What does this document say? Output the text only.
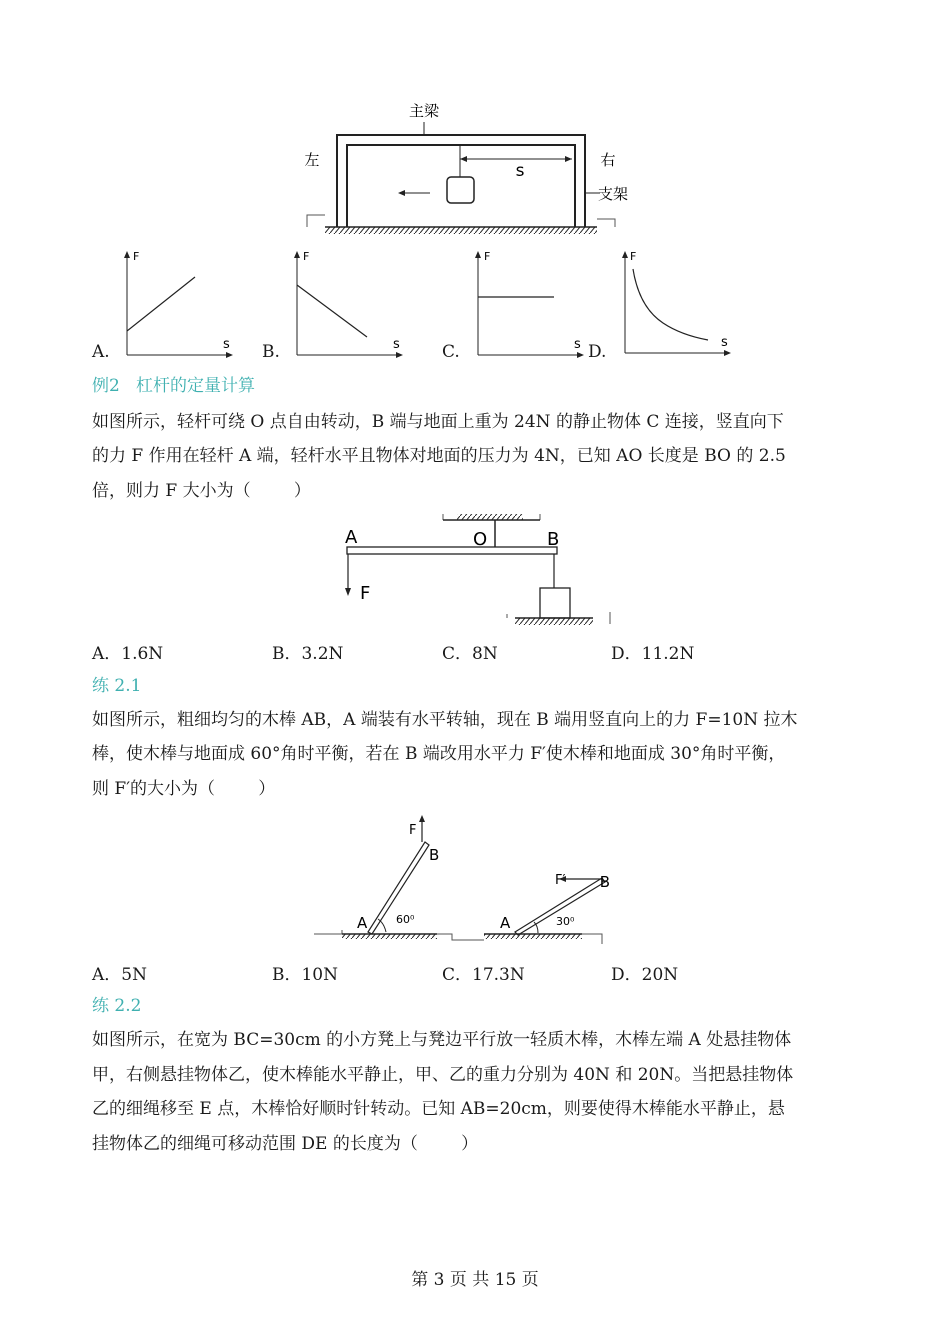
主梁
左	右
s
支架
A.
F
s B.
F
s C.
F
s D.
F
s
例2   杠杆的定量计算
如图所示，轻杆可绕 O 点自由转动，B 端与地面上重为 24N 的静止物体 C 连接，竖直向下
的力 F 作用在轻杆 A 端，轻杆水平且物体对地面的压力为 4N，已知 AO 长度是 BO 的 2.5
倍，则力 F 大小为（        ）
A	O	B
F
A．1.6N	B．3.2N	C．8N	D．11.2N
练 2.1
如图所示，粗细均匀的木棒 AB，A 端装有水平转轴，现在 B 端用竖直向上的力 F=10N 拉木
棒，使木棒与地面成 60°角时平衡，若在 B 端改用水平力 F′使木棒和地面成 30°角时平衡，
则 F′的大小为（        ）
F
B
A	60⁰
F′ B
A	30⁰
A．5N	B．10N	C．17.3N	D．20N
练 2.2
如图所示，在宽为 BC=30cm 的小方凳上与凳边平行放一轻质木棒，木棒左端 A 处悬挂物体
甲，右侧悬挂物体乙，使木棒能水平静止，甲、乙的重力分别为 40N 和 20N。当把悬挂物体
乙的细绳移至 E 点，木棒恰好顺时针转动。已知 AB=20cm，则要使得木棒能水平静止，悬
挂物体乙的细绳可移动范围 DE 的长度为（        ）
第 3 页 共 15 页
